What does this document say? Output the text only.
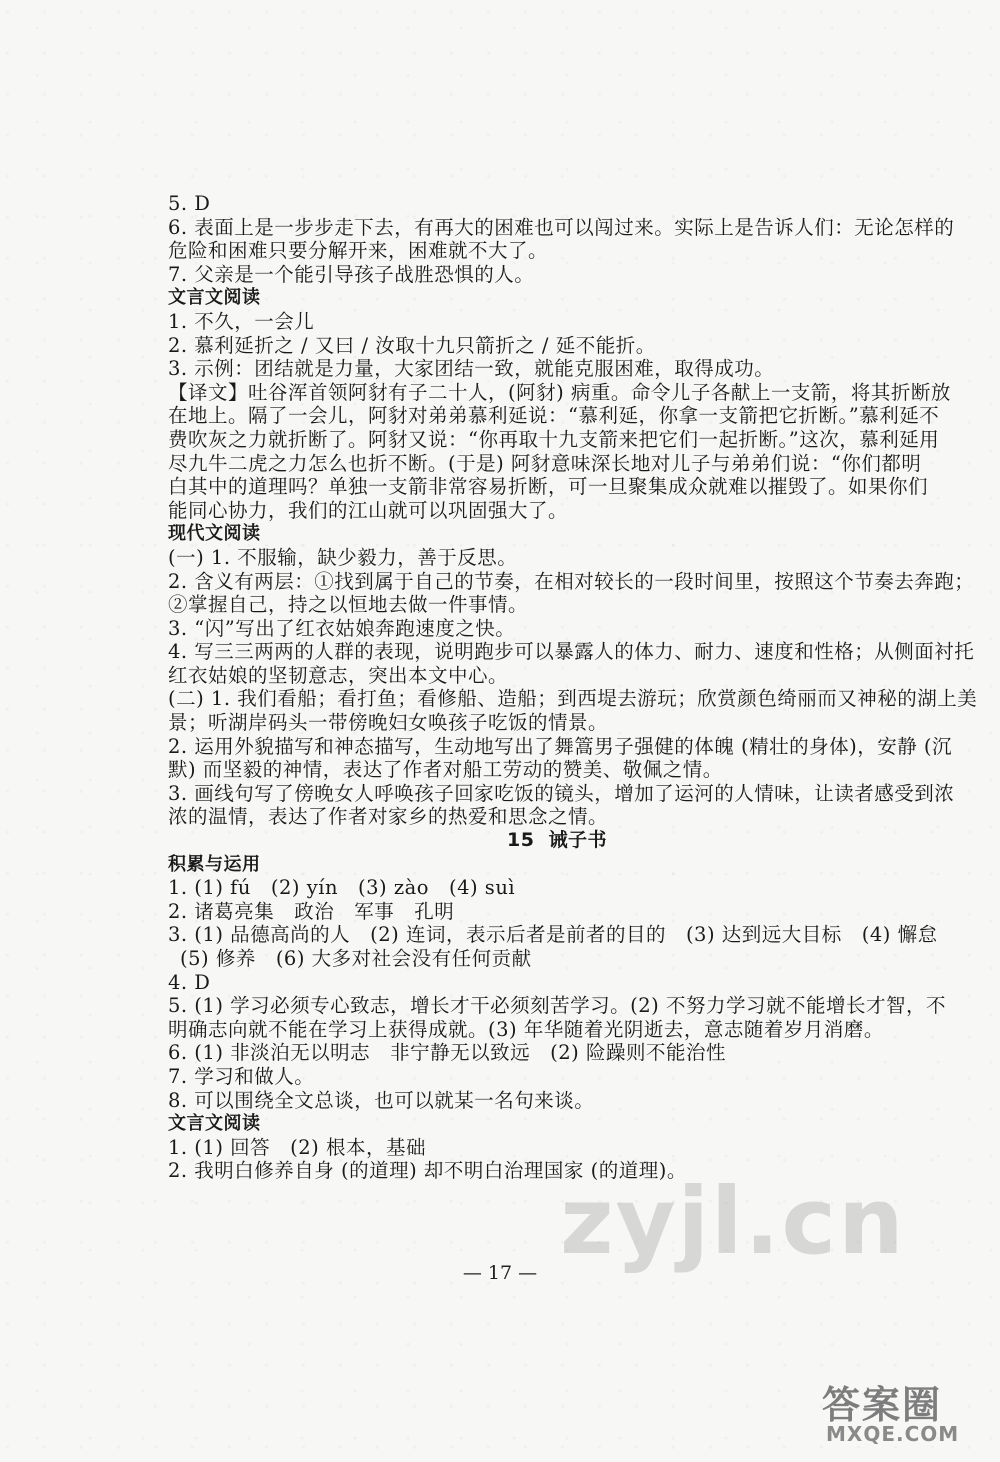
5. D
6. 表面上是一步步走下去，有再大的困难也可以闯过来。实际上是告诉人们：无论怎样的
危险和困难只要分解开来，困难就不大了。
7. 父亲是一个能引导孩子战胜恐惧的人。
文言文阅读
1. 不久，一会儿
2. 慕利延折之 / 又曰 / 汝取十九只箭折之 / 延不能折。
3. 示例：团结就是力量，大家团结一致，就能克服困难，取得成功。
【译文】吐谷浑首领阿豺有子二十人，(阿豺) 病重。命令儿子各献上一支箭，将其折断放
在地上。隔了一会儿，阿豺对弟弟慕利延说：“慕利延，你拿一支箭把它折断。”慕利延不
费吹灰之力就折断了。阿豺又说：“你再取十九支箭来把它们一起折断。”这次，慕利延用
尽九牛二虎之力怎么也折不断。(于是) 阿豺意味深长地对儿子与弟弟们说：“你们都明
白其中的道理吗？单独一支箭非常容易折断，可一旦聚集成众就难以摧毁了。如果你们
能同心协力，我们的江山就可以巩固强大了。
现代文阅读
(一) 1. 不服输，缺少毅力，善于反思。
2. 含义有两层：①找到属于自己的节奏，在相对较长的一段时间里，按照这个节奏去奔跑；
②掌握自己，持之以恒地去做一件事情。
3. “闪”写出了红衣姑娘奔跑速度之快。
4. 写三三两两的人群的表现，说明跑步可以暴露人的体力、耐力、速度和性格；从侧面衬托
红衣姑娘的坚韧意志，突出本文中心。
(二) 1. 我们看船；看打鱼；看修船、造船；到西堤去游玩；欣赏颜色绮丽而又神秘的湖上美
景；听湖岸码头一带傍晚妇女唤孩子吃饭的情景。
2. 运用外貌描写和神态描写，生动地写出了舞篙男子强健的体魄 (精壮的身体)，安静 (沉
默) 而坚毅的神情，表达了作者对船工劳动的赞美、敬佩之情。
3. 画线句写了傍晚女人呼唤孩子回家吃饭的镜头，增加了运河的人情味，让读者感受到浓
浓的温情，表达了作者对家乡的热爱和思念之情。
15 诫子书
积累与运用
1. (1) fú　(2) yín　(3) zào　(4) suì
2. 诸葛亮集　政治　军事　孔明
3. (1) 品德高尚的人　(2) 连词，表示后者是前者的目的　(3) 达到远大目标　(4) 懈怠
(5) 修养　(6) 大多对社会没有任何贡献
4. D
5. (1) 学习必须专心致志，增长才干必须刻苦学习。(2) 不努力学习就不能增长才智，不
明确志向就不能在学习上获得成就。(3) 年华随着光阴逝去，意志随着岁月消磨。
6. (1) 非淡泊无以明志　非宁静无以致远　(2) 险躁则不能治性
7. 学习和做人。
8. 可以围绕全文总谈，也可以就某一名句来谈。
文言文阅读
1. (1) 回答　(2) 根本，基础
2. 我明白修养自身 (的道理) 却不明白治理国家 (的道理)。
zyjl.cn
— 17 —
答案圈
MXQE.COM
